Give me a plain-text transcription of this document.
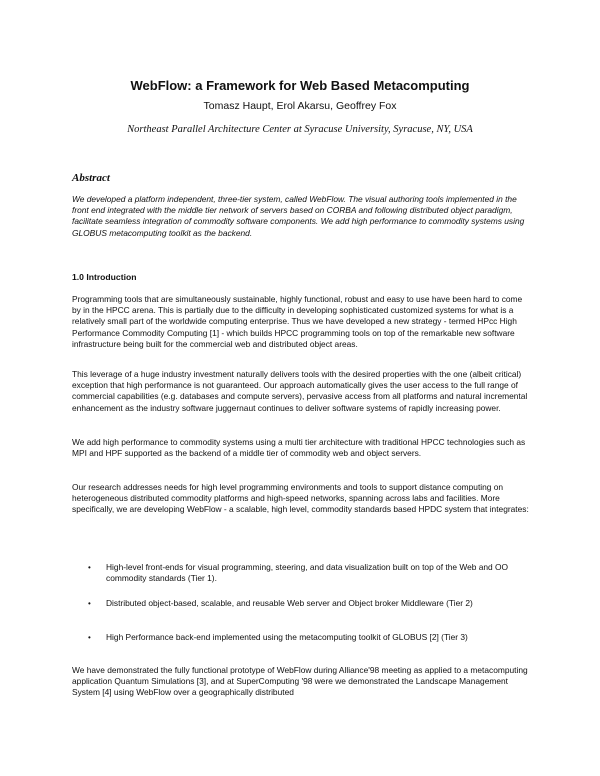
WebFlow: a Framework for Web Based Metacomputing
Tomasz Haupt, Erol Akarsu, Geoffrey Fox
Northeast Parallel Architecture Center at Syracuse University, Syracuse, NY, USA
Abstract
We developed a platform independent, three-tier system, called WebFlow. The visual authoring tools implemented in the front end integrated with the middle tier network of servers based on CORBA and following distributed object paradigm, facilitate seamless integration of commodity software components. We add high performance to commodity systems using GLOBUS metacomputing toolkit as the backend.
1.0 Introduction
Programming tools that are simultaneously sustainable, highly functional, robust and easy to use have been hard to come by in the HPCC arena. This is partially due to the difficulty in developing sophisticated customized systems for what is a relatively small part of the worldwide computing enterprise. Thus we have developed a new strategy - termed HPcc High Performance Commodity Computing [1] - which builds HPCC programming tools on top of the remarkable new software infrastructure being built for the commercial web and distributed object areas.
This leverage of a huge industry investment naturally delivers tools with the desired properties with the one (albeit critical) exception that high performance is not guaranteed. Our approach automatically gives the user access to the full range of commercial capabilities (e.g. databases and compute servers), pervasive access from all platforms and natural incremental enhancement as the industry software juggernaut continues to deliver software systems of rapidly increasing power.
We add high performance to commodity systems using a multi tier architecture with traditional HPCC technologies such as MPI and HPF supported as the backend of a middle tier of commodity web and object servers.
Our research addresses needs for high level programming environments and tools to support distance computing on heterogeneous distributed commodity platforms and high-speed networks, spanning across labs and facilities. More specifically, we are developing WebFlow - a scalable, high level, commodity standards based HPDC system that integrates:
• High-level front-ends for visual programming, steering, and data visualization built on top of the Web and OO commodity standards (Tier 1).
• Distributed object-based, scalable, and reusable Web server and Object broker Middleware (Tier 2)
• High Performance back-end implemented using the metacomputing toolkit of GLOBUS [2] (Tier 3)
We have demonstrated the fully functional prototype of WebFlow during Alliance'98 meeting as applied to a metacomputing application Quantum Simulations [3], and at SuperComputing '98 were we demonstrated the Landscape Management System [4] using WebFlow over a geographically distributed
